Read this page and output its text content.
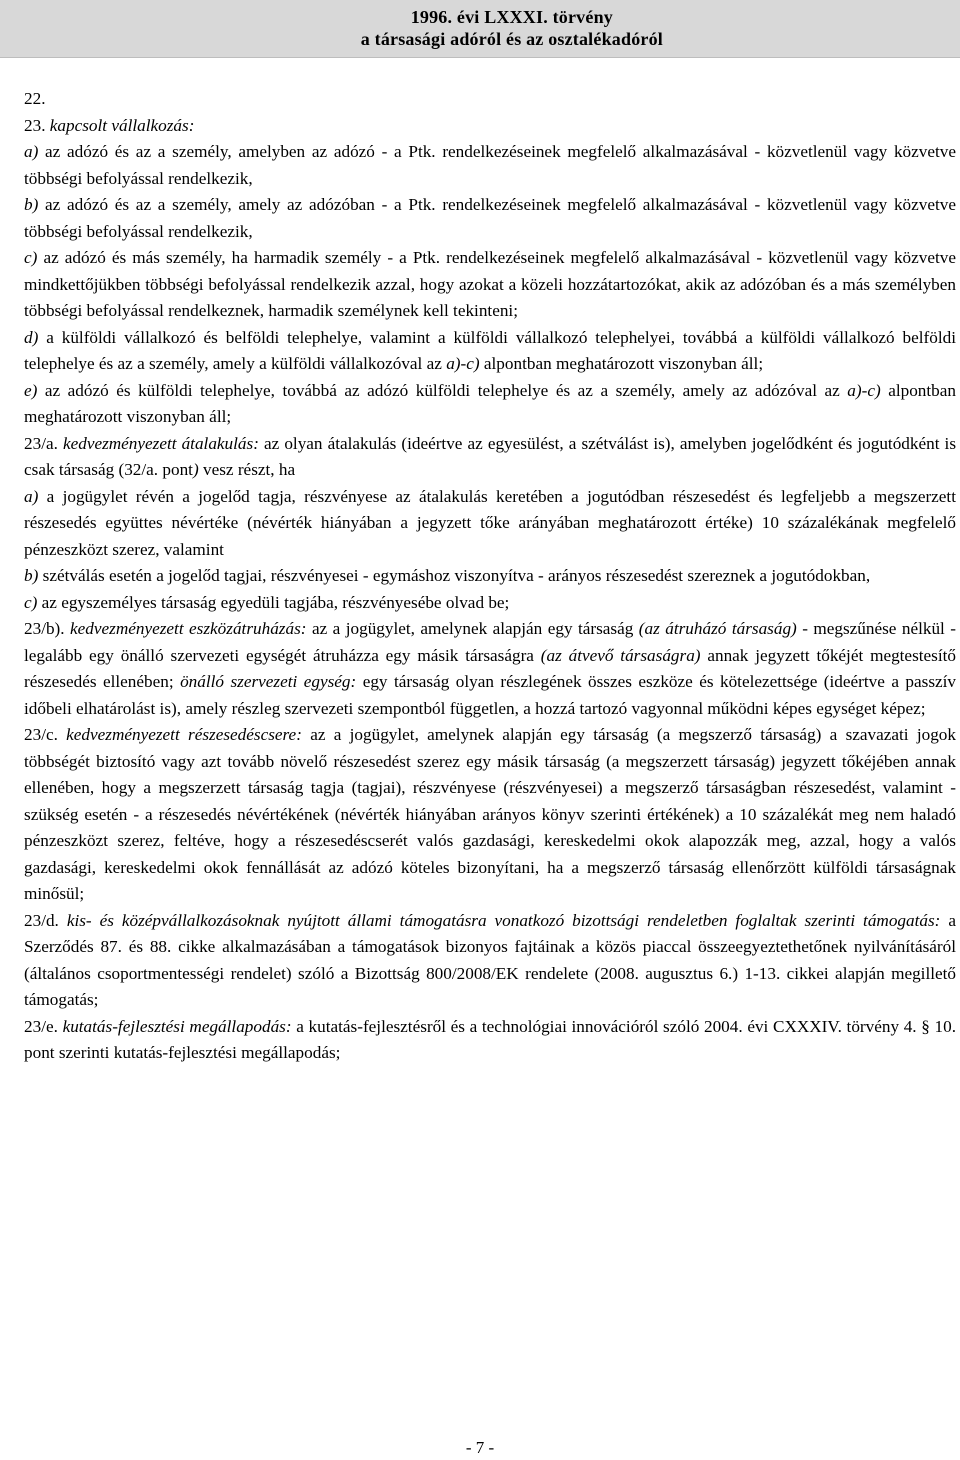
1996. évi LXXXI. törvény
a társasági adóról és az osztalékadóról

22.

23. kapcsolt vállalkozás:

a) az adózó és az a személy, amelyben az adózó - a Ptk. rendelkezéseinek megfelelő alkalmazásával - közvetlenül vagy közvetve többségi befolyással rendelkezik,

b) az adózó és az a személy, amely az adózóban - a Ptk. rendelkezéseinek megfelelő alkalmazásával - közvetlenül vagy közvetve többségi befolyással rendelkezik,

c) az adózó és más személy, ha harmadik személy - a Ptk. rendelkezéseinek megfelelő alkalmazásával - közvetlenül vagy közvetve mindkettőjükben többségi befolyással rendelkezik azzal, hogy azokat a közeli hozzátartozókat, akik az adózóban és a más személyben többségi befolyással rendelkeznek, harmadik személynek kell tekinteni;

d) a külföldi vállalkozó és belföldi telephelye, valamint a külföldi vállalkozó telephelyei, továbbá a külföldi vállalkozó belföldi telephelye és az a személy, amely a külföldi vállalkozóval az a)-c) alpontban meghatározott viszonyban áll;

e) az adózó és külföldi telephelye, továbbá az adózó külföldi telephelye és az a személy, amely az adózóval az a)-c) alpontban meghatározott viszonyban áll;

23/a. kedvezményezett átalakulás: az olyan átalakulás (ideértve az egyesülést, a szétválást is), amelyben jogelődként és jogutódként is csak társaság (32/a. pont) vesz részt, ha

a) a jogügylet révén a jogelőd tagja, részvényese az átalakulás keretében a jogutódban részesedést és legfeljebb a megszerzett részesedés együttes névértéke (névérték hiányában a jegyzett tőke arányában meghatározott értéke) 10 százalékának megfelelő pénzeszközt szerez, valamint

b) szétválás esetén a jogelőd tagjai, részvényesei - egymáshoz viszonyítva - arányos részesedést szereznek a jogutódokban,

c) az egyszemélyes társaság egyedüli tagjába, részvényesébe olvad be;

23/b). kedvezményezett eszközátruházás: az a jogügylet, amelynek alapján egy társaság (az átruházó társaság) - megszűnése nélkül - legalább egy önálló szervezeti egységét átruházza egy másik társaságra (az átvevő társaságra) annak jegyzett tőkéjét megtestesítő részesedés ellenében; önálló szervezeti egység: egy társaság olyan részlegének összes eszköze és kötelezettsége (ideértve a passzív időbeli elhatárolást is), amely részleg szervezeti szempontból független, a hozzá tartozó vagyonnal működni képes egységet képez;

23/c. kedvezményezett részesedéscsere: az a jogügylet, amelynek alapján egy társaság (a megszerző társaság) a szavazati jogok többségét biztosító vagy azt tovább növelő részesedést szerez egy másik társaság (a megszerzett társaság) jegyzett tőkéjében annak ellenében, hogy a megszerzett társaság tagja (tagjai), részvényese (részvényesei) a megszerző társaságban részesedést, valamint - szükség esetén - a részesedés névértékének (névérték hiányában arányos könyv szerinti értékének) a 10 százalékát meg nem haladó pénzeszközt szerez, feltéve, hogy a részesedéscserét valós gazdasági, kereskedelmi okok alapozzák meg, azzal, hogy a valós gazdasági, kereskedelmi okok fennállását az adózó köteles bizonyítani, ha a megszerző társaság ellenőrzött külföldi társaságnak minősül;

23/d. kis- és középvállalkozásoknak nyújtott állami támogatásra vonatkozó bizottsági rendeletben foglaltak szerinti támogatás: a Szerződés 87. és 88. cikke alkalmazásában a támogatások bizonyos fajtáinak a közös piaccal összeegyeztethetőnek nyilvánításáról (általános csoportmentességi rendelet) szóló a Bizottság 800/2008/EK rendelete (2008. augusztus 6.) 1-13. cikkei alapján megillető támogatás;

23/e. kutatás-fejlesztési megállapodás: a kutatás-fejlesztésről és a technológiai innovációról szóló 2004. évi CXXXIV. törvény 4. § 10. pont szerinti kutatás-fejlesztési megállapodás;

- 7 -
